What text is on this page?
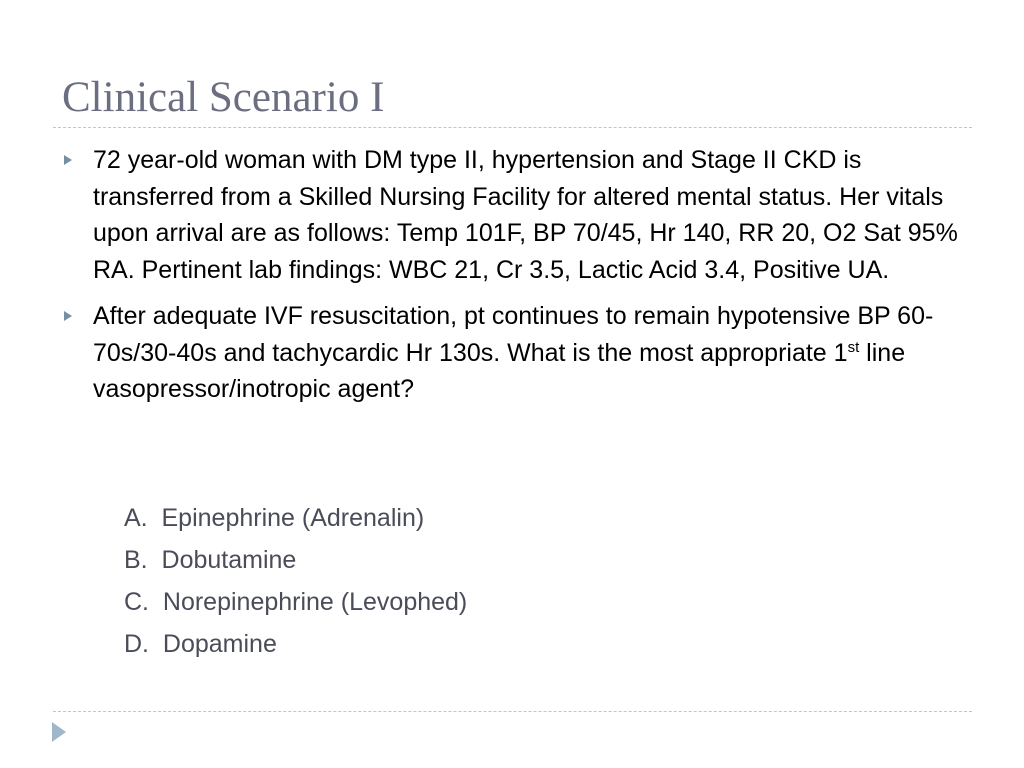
Clinical Scenario I
72 year-old woman with DM type II, hypertension and Stage II CKD is transferred from a Skilled Nursing Facility for altered mental status. Her vitals upon arrival are as follows: Temp 101F, BP 70/45, Hr 140, RR 20, O2 Sat 95% RA. Pertinent lab findings: WBC 21, Cr 3.5, Lactic Acid 3.4, Positive UA.
After adequate IVF resuscitation, pt continues to remain hypotensive BP 60-70s/30-40s and tachycardic Hr 130s. What is the most appropriate 1st line vasopressor/inotropic agent?
A.  Epinephrine (Adrenalin)
B.  Dobutamine
C.  Norepinephrine (Levophed)
D.  Dopamine
